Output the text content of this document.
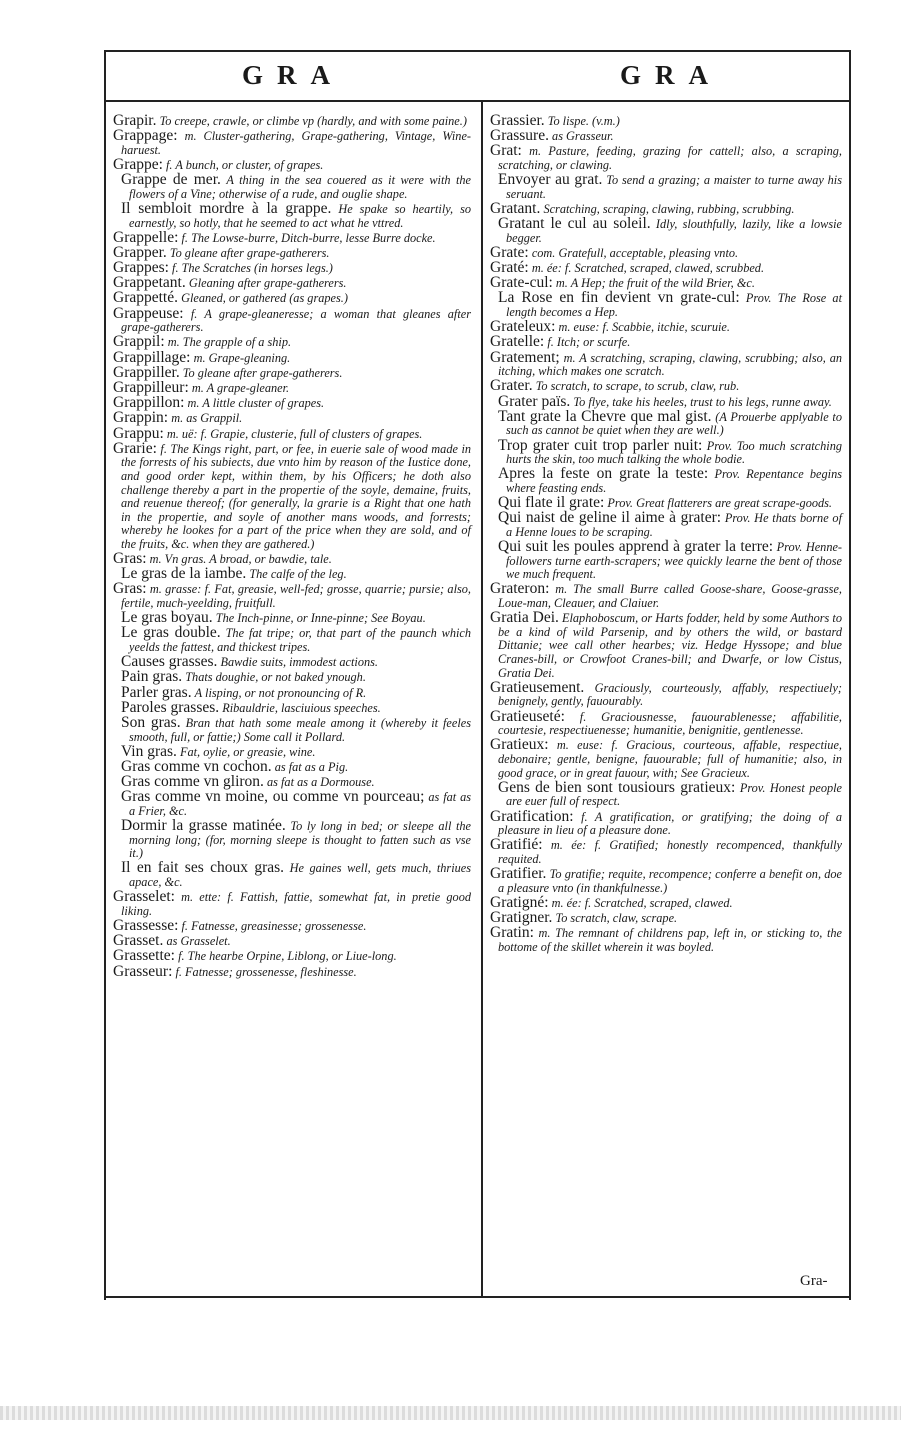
GRA	GRA

Grapir. To creepe, crawle, or climbe vp (hardly, and with some paine.)

Grappage: m. Cluster-gathering, Grape-gathering, Vintage, Wine-haruest.

Grappe: f. A bunch, or cluster, of grapes.

Grappe de mer. A thing in the sea couered as it were with the flowers of a Vine; otherwise of a rude, and ouglie shape.

Il sembloit mordre à la grappe. He spake so heartily, so earnestly, so hotly, that he seemed to act what he vttred.

Grappelle: f. The Lowse-burre, Ditch-burre, lesse Burre docke.

Grapper. To gleane after grape-gatherers.

Grappes: f. The Scratches (in horses legs.)

Grappetant. Gleaning after grape-gatherers.

Grappetté. Gleaned, or gathered (as grapes.)

Grappeuse: f. A grape-gleaneresse; a woman that gleanes after grape-gatherers.

Grappil: m. The grapple of a ship.

Grappillage: m. Grape-gleaning.

Grappiller. To gleane after grape-gatherers.

Grappilleur: m. A grape-gleaner.

Grappillon: m. A little cluster of grapes.

Grappin: m. as Grappil.

Grappu: m. uë: f. Grapie, clusterie, full of clusters of grapes.

Grarie: f. The Kings right, part, or fee, in euerie sale of wood made in the forrests of his subiects, due vnto him by reason of the Iustice done, and good order kept, within them, by his Officers; he doth also challenge thereby a part in the propertie of the soyle, demaine, fruits, and reuenue thereof; (for generally, la grarie is a Right that one hath in the propertie, and soyle of another mans woods, and forrests; whereby he lookes for a part of the price when they are sold, and of the fruits, &c. when they are gathered.)

Gras: m. Vn gras. A broad, or bawdie, tale.

Le gras de la iambe. The calfe of the leg.

Gras: m. grasse: f. Fat, greasie, well-fed; grosse, quarrie; pursie; also, fertile, much-yeelding, fruitfull.

Le gras boyau. The Inch-pinne, or Inne-pinne; See Boyau.

Le gras double. The fat tripe; or, that part of the paunch which yeelds the fattest, and thickest tripes.

Causes grasses. Bawdie suits, immodest actions.

Pain gras. Thats doughie, or not baked ynough.

Parler gras. A lisping, or not pronouncing of R.

Paroles grasses. Ribauldrie, lasciuious speeches.

Son gras. Bran that hath some meale among it (whereby it feeles smooth, full, or fattie;) Some call it Pollard.

Vin gras. Fat, oylie, or greasie, wine.

Gras comme vn cochon. as fat as a Pig.

Gras comme vn gliron. as fat as a Dormouse.

Gras comme vn moine, ou comme vn pourceau; as fat as a Frier, &c.

Dormir la grasse matinée. To ly long in bed; or sleepe all the morning long; (for, morning sleepe is thought to fatten such as vse it.)

Il en fait ses choux gras. He gaines well, gets much, thriues apace, &c.

Grasselet: m. ette: f. Fattish, fattie, somewhat fat, in pretie good liking.

Grassesse: f. Fatnesse, greasinesse; grossenesse.

Grasset. as Grasselet.

Grassette: f. The hearbe Orpine, Liblong, or Liue-long.

Grasseur: f. Fatnesse; grossenesse, fleshinesse.

Grassier. To lispe. (v.m.)

Grassure. as Grasseur.

Grat: m. Pasture, feeding, grazing for cattell; also, a scraping, scratching, or clawing.

Envoyer au grat. To send a grazing; a maister to turne away his seruant.

Gratant. Scratching, scraping, clawing, rubbing, scrubbing.

Gratant le cul au soleil. Idly, slouthfully, lazily, like a lowsie begger.

Grate: com. Gratefull, acceptable, pleasing vnto.

Graté: m. ée: f. Scratched, scraped, clawed, scrubbed.

Grate-cul: m. A Hep; the fruit of the wild Brier, &c.

La Rose en fin devient vn grate-cul: Prov. The Rose at length becomes a Hep.

Grateleux: m. euse: f. Scabbie, itchie, scuruie.

Gratelle: f. Itch; or scurfe.

Gratement; m. A scratching, scraping, clawing, scrubbing; also, an itching, which makes one scratch.

Grater. To scratch, to scrape, to scrub, claw, rub.

Grater païs. To flye, take his heeles, trust to his legs, runne away.

Tant grate la Chevre que mal gist. (A Prouerbe applyable to such as cannot be quiet when they are well.)

Trop grater cuit trop parler nuit: Prov. Too much scratching hurts the skin, too much talking the whole bodie.

Apres la feste on grate la teste: Prov. Repentance begins where feasting ends.

Qui flate il grate: Prov. Great flatterers are great scrape-goods.

Qui naist de geline il aime à grater: Prov. He thats borne of a Henne loues to be scraping.

Qui suit les poules apprend à grater la terre: Prov. Henne-followers turne earth-scrapers; wee quickly learne the bent of those we much frequent.

Grateron: m. The small Burre called Goose-share, Goose-grasse, Loue-man, Cleauer, and Claiuer.

Gratia Dei. Elaphoboscum, or Harts fodder, held by some Authors to be a kind of wild Parsenip, and by others the wild, or bastard Dittanie; wee call other hearbes; viz. Hedge Hyssope; and blue Cranes-bill, or Crowfoot Cranes-bill; and Dwarfe, or low Cistus, Gratia Dei.

Gratieusement. Graciously, courteously, affably, respectiuely; benignely, gently, fauourably.

Gratieuseté: f. Graciousnesse, fauourablenesse; affabilitie, courtesie, respectiuenesse; humanitie, benignitie, gentlenesse.

Gratieux: m. euse: f. Gracious, courteous, affable, respectiue, debonaire; gentle, benigne, fauourable; full of humanitie; also, in good grace, or in great fauour, with; See Gracieux.

Gens de bien sont tousiours gratieux: Prov. Honest people are euer full of respect.

Gratification: f. A gratification, or gratifying; the doing of a pleasure in lieu of a pleasure done.

Gratifié: m. ée: f. Gratified; honestly recompenced, thankfully requited.

Gratifier. To gratifie; requite, recompence; conferre a benefit on, doe a pleasure vnto (in thankfulnesse.)

Gratigné: m. ée: f. Scratched, scraped, clawed.

Gratigner. To scratch, claw, scrape.

Gratin: m. The remnant of childrens pap, left in, or sticking to, the bottome of the skillet wherein it was boyled.

Gra-
